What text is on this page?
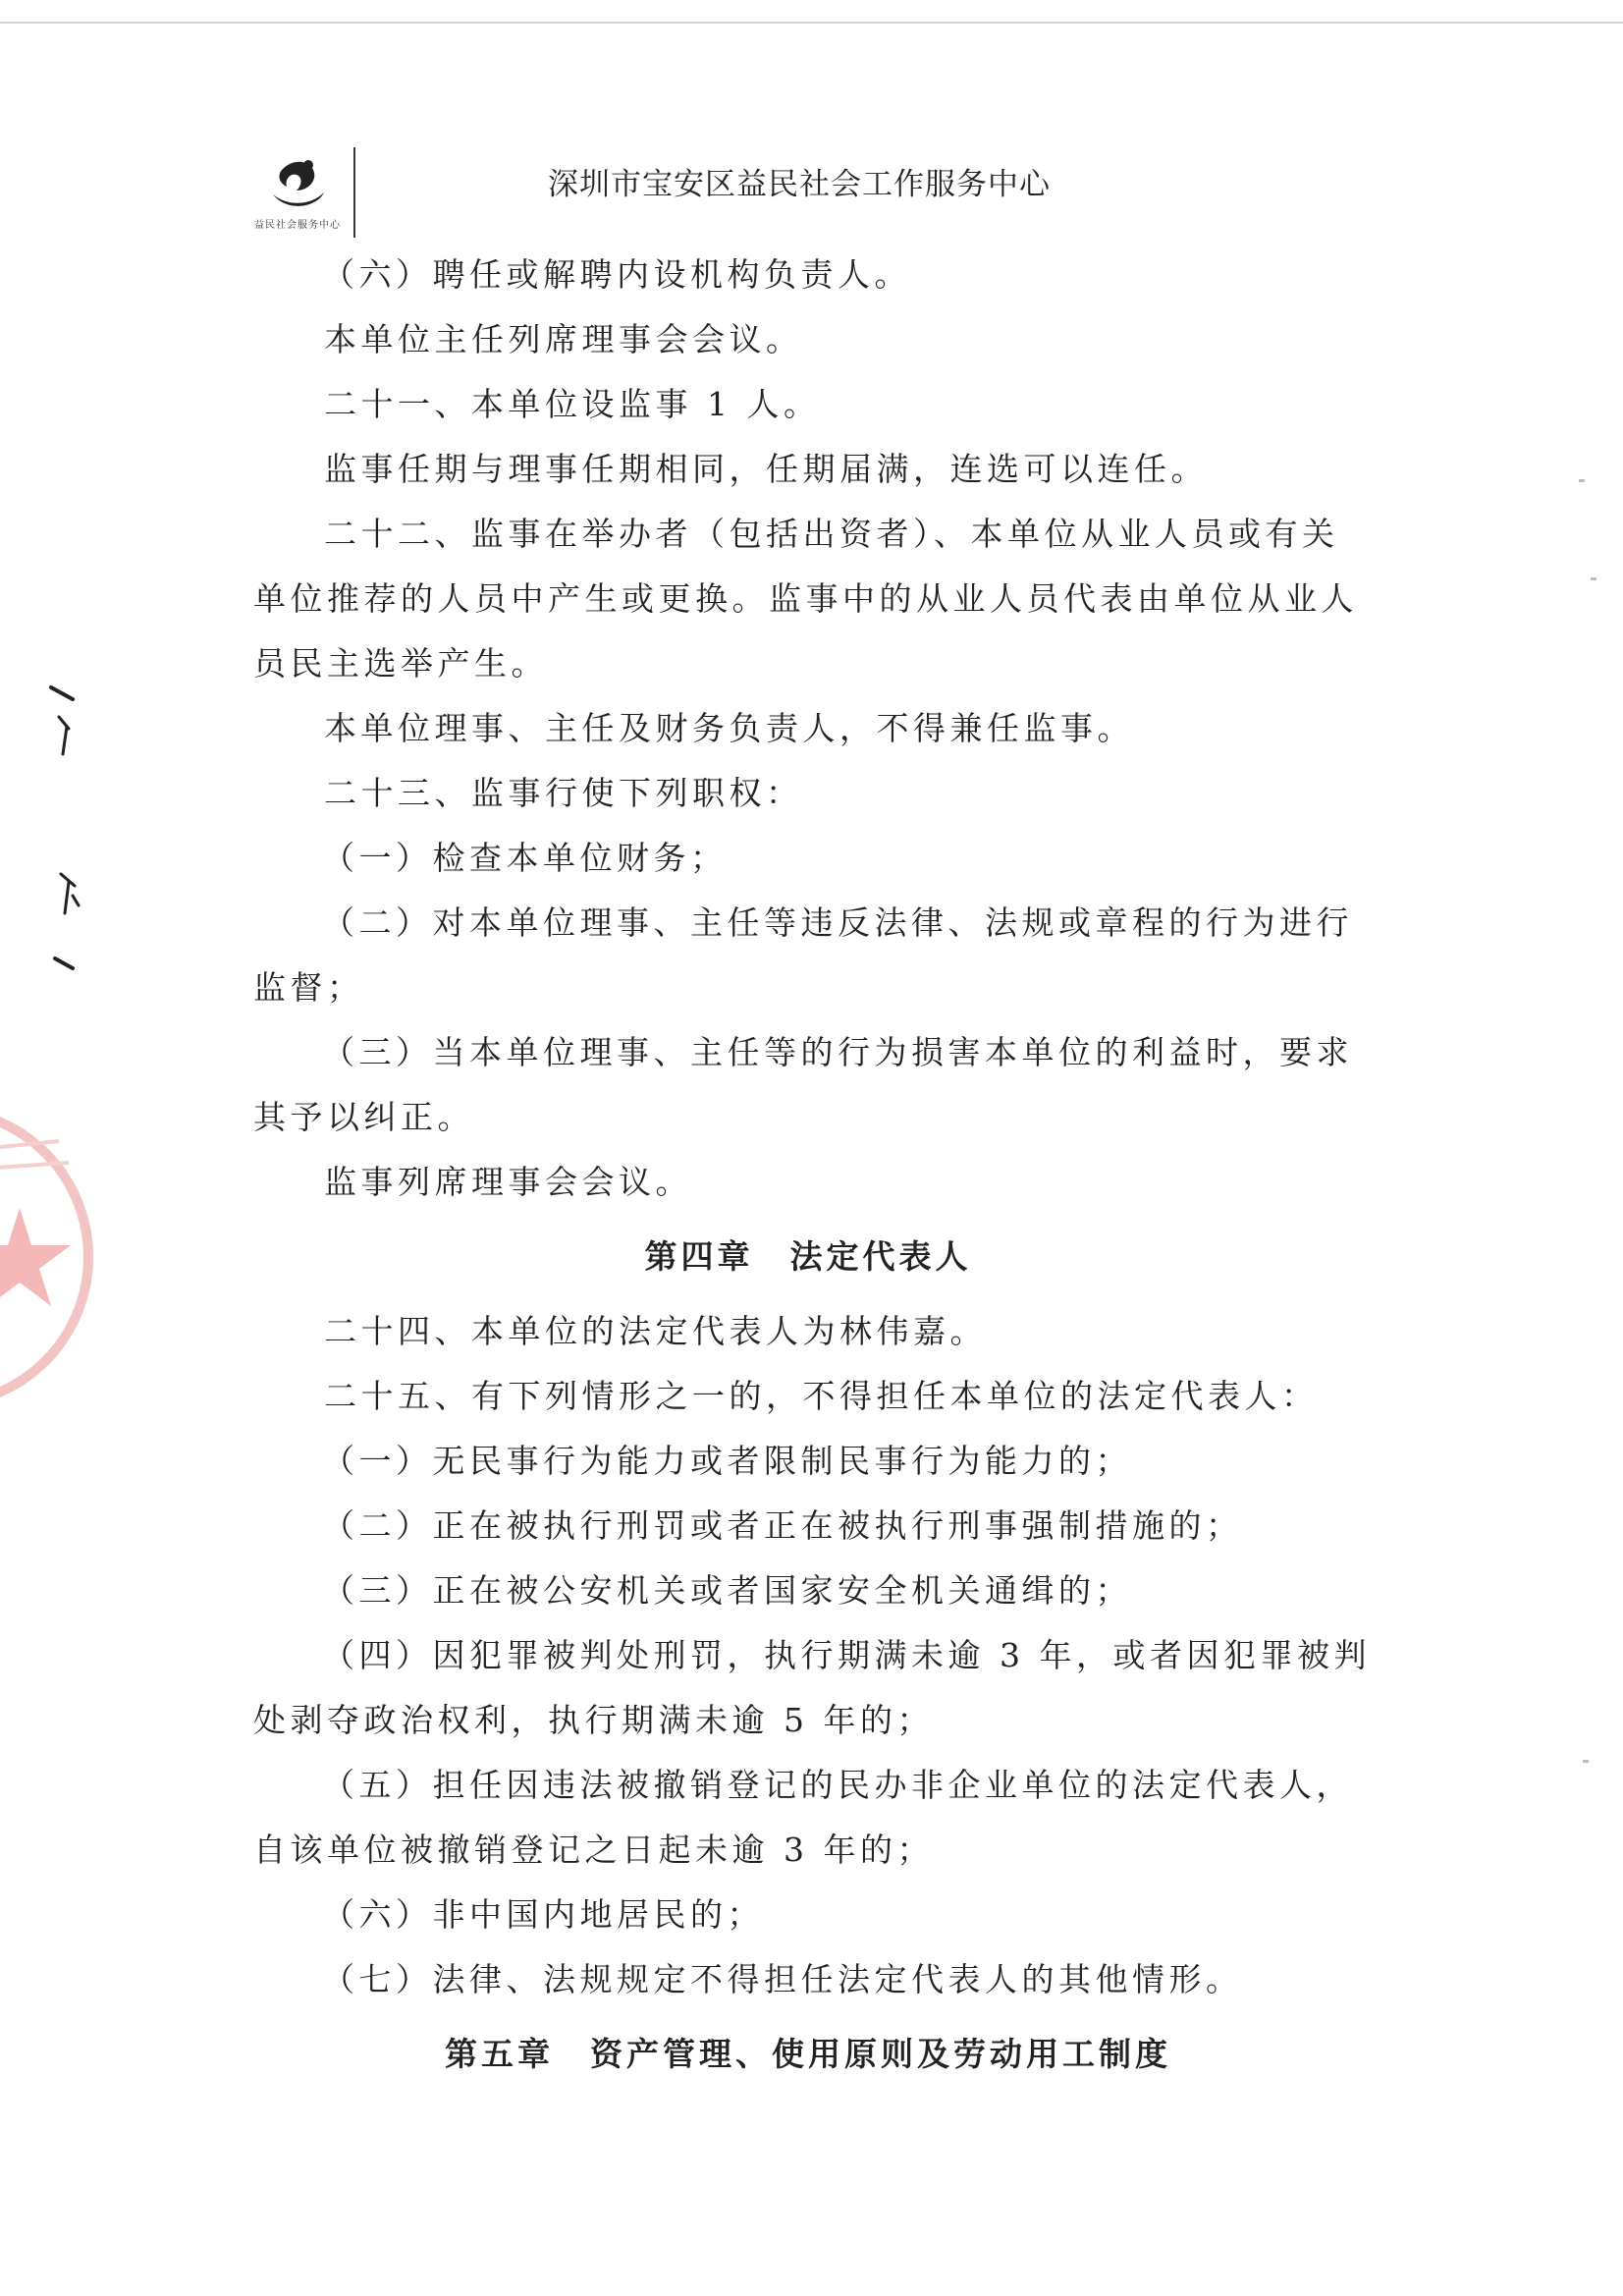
益民社会服务中心
深圳市宝安区益民社会工作服务中心
（六）聘任或解聘内设机构负责人。
本单位主任列席理事会会议。
二十一、本单位设监事 1 人。
监事任期与理事任期相同，任期届满，连选可以连任。
二十二、监事在举办者（包括出资者）、本单位从业人员或有关
单位推荐的人员中产生或更换。监事中的从业人员代表由单位从业人
员民主选举产生。
本单位理事、主任及财务负责人，不得兼任监事。
二十三、监事行使下列职权：
（一）检查本单位财务；
（二）对本单位理事、主任等违反法律、法规或章程的行为进行
监督；
（三）当本单位理事、主任等的行为损害本单位的利益时，要求
其予以纠正。
监事列席理事会会议。
第四章　法定代表人
二十四、本单位的法定代表人为林伟嘉。
二十五、有下列情形之一的，不得担任本单位的法定代表人：
（一）无民事行为能力或者限制民事行为能力的；
（二）正在被执行刑罚或者正在被执行刑事强制措施的；
（三）正在被公安机关或者国家安全机关通缉的；
（四）因犯罪被判处刑罚，执行期满未逾 3 年，或者因犯罪被判
处剥夺政治权利，执行期满未逾 5 年的；
（五）担任因违法被撤销登记的民办非企业单位的法定代表人，
自该单位被撤销登记之日起未逾 3 年的；
（六）非中国内地居民的；
（七）法律、法规规定不得担任法定代表人的其他情形。
第五章　资产管理、使用原则及劳动用工制度
